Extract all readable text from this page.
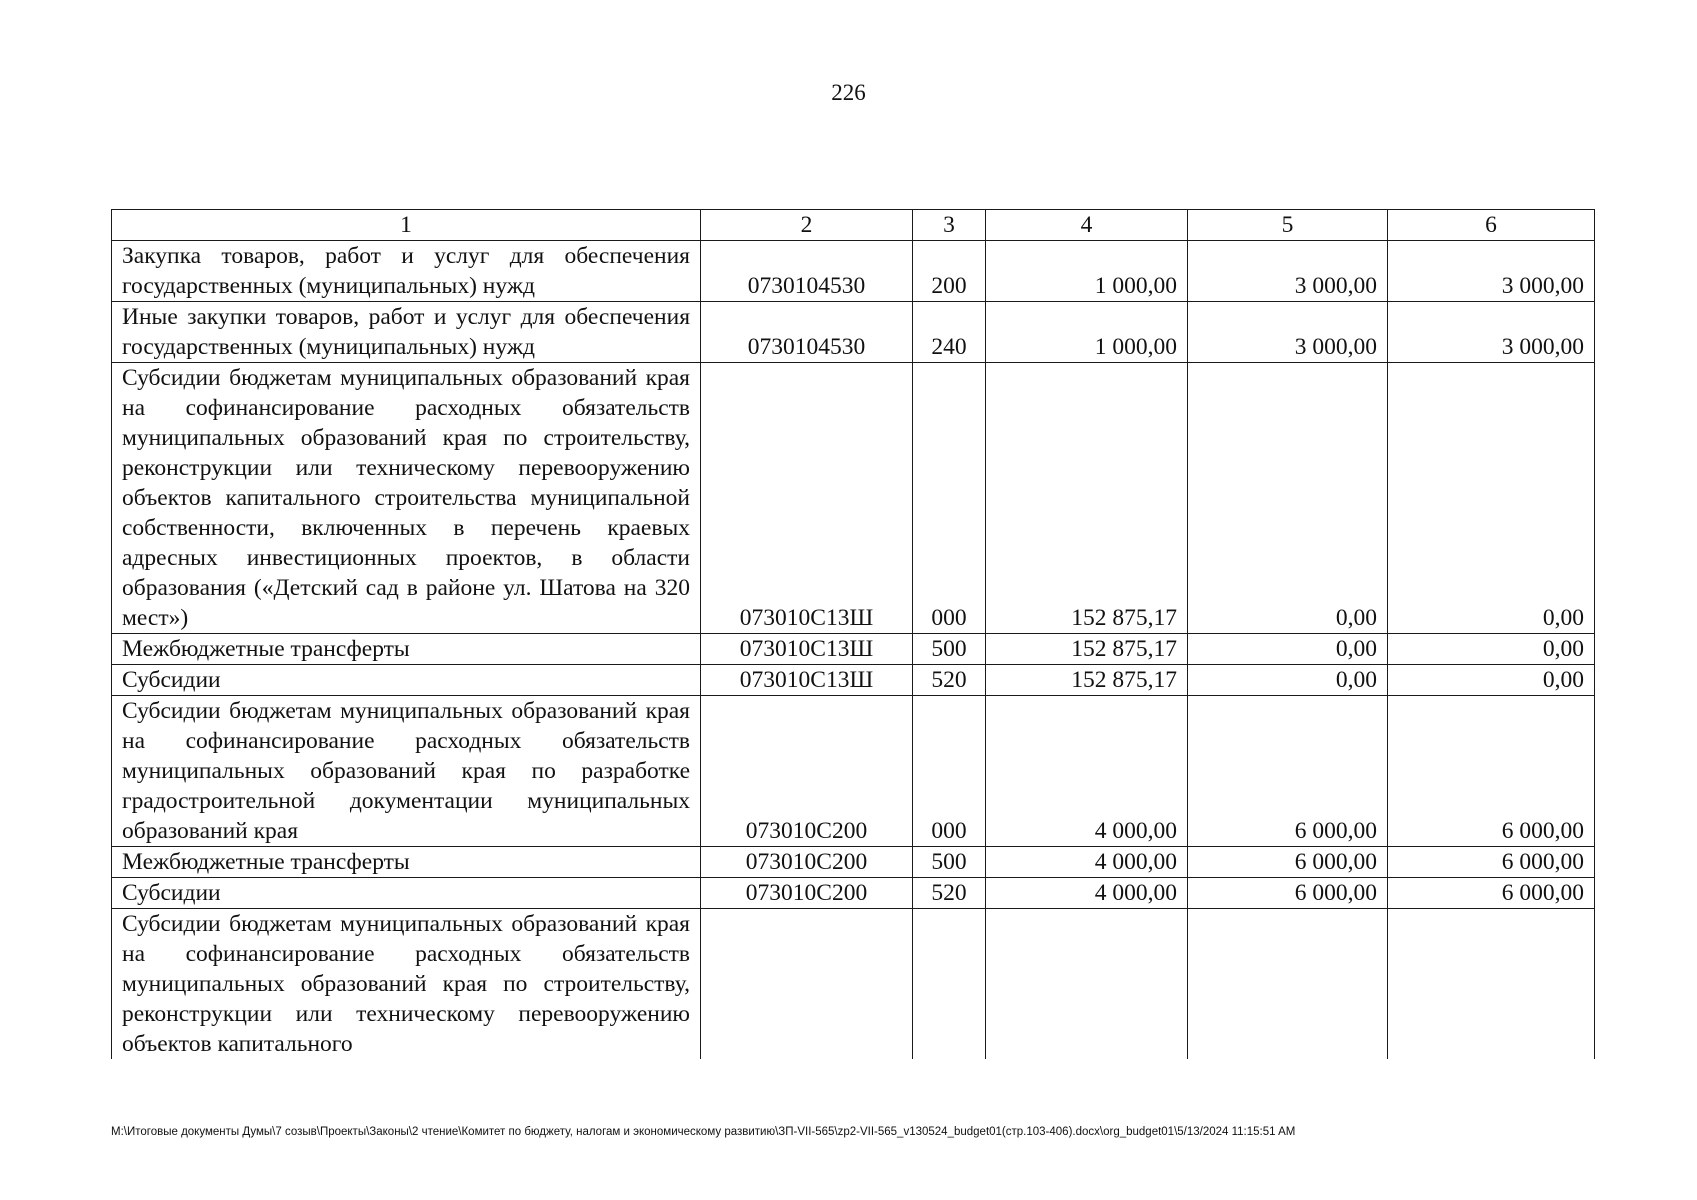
226
1	2	3	4	5	6
Закупка товаров, работ и услуг для обеспечения государственных (муниципальных) нужд	0730104530	200	1 000,00	3 000,00	3 000,00
Иные закупки товаров, работ и услуг для обеспечения государственных (муниципальных) нужд	0730104530	240	1 000,00	3 000,00	3 000,00
Субсидии бюджетам муниципальных образований края на софинансирование расходных обязательств муниципальных образований края по строительству, реконструкции или техническому перевооружению объектов капитального строительства муниципальной собственности, включенных в перечень краевых адресных инвестиционных проектов, в области образования («Детский сад в районе ул. Шатова на 320 мест»)	073010С13Ш	000	152 875,17	0,00	0,00
Межбюджетные трансферты	073010С13Ш	500	152 875,17	0,00	0,00
Субсидии	073010С13Ш	520	152 875,17	0,00	0,00
Субсидии бюджетам муниципальных образований края на софинансирование расходных обязательств муниципальных образований края по разработке градостроительной документации муниципальных образований края	073010С200	000	4 000,00	6 000,00	6 000,00
Межбюджетные трансферты	073010С200	500	4 000,00	6 000,00	6 000,00
Субсидии	073010С200	520	4 000,00	6 000,00	6 000,00
Субсидии бюджетам муниципальных образований края на софинансирование расходных обязательств муниципальных образований края по строительству, реконструкции или техническому перевооружению объектов капитального					
М:\Итоговые документы Думы\7 созыв\Проекты\Законы\2 чтение\Комитет по бюджету, налогам и экономическому развитию\ЗП-VII-565\zp2-VII-565_v130524_budget01(стр.103-406).docx\org_budget01\5/13/2024 11:15:51 AM
